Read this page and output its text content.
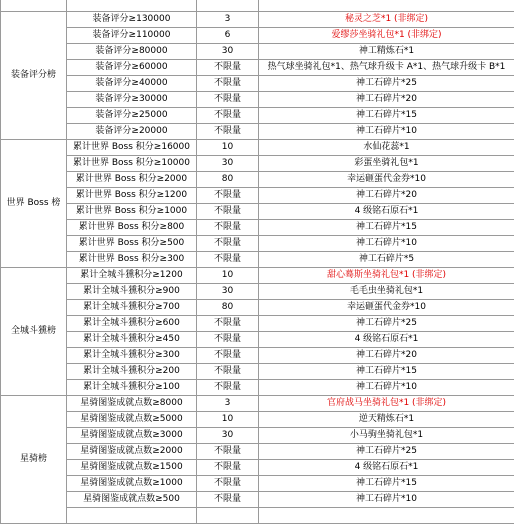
装备评分榜	装备评分≥130000	3	秘灵之芝*1 (非绑定)
	装备评分≥110000	6	爱缪莎坐骑礼包*1 (非绑定)
	装备评分≥80000	30	神工精炼石*1
	装备评分≥60000	不限量	热气球坐骑礼包*1、热气球升级卡 A*1、热气球升级卡 B*1
	装备评分≥40000	不限量	神工石碎片*25
	装备评分≥30000	不限量	神工石碎片*20
	装备评分≥25000	不限量	神工石碎片*15
	装备评分≥20000	不限量	神工石碎片*10
世界 Boss 榜	累计世界 Boss 积分≥16000	10	水仙花蕊*1
	累计世界 Boss 积分≥10000	30	彩蛋坐骑礼包*1
	累计世界 Boss 积分≥2000	80	幸运砸蛋代金券*10
	累计世界 Boss 积分≥1200	不限量	神工石碎片*20
	累计世界 Boss 积分≥1000	不限量	4 级铭石原石*1
	累计世界 Boss 积分≥800	不限量	神工石碎片*15
	累计世界 Boss 积分≥500	不限量	神工石碎片*10
	累计世界 Boss 积分≥300	不限量	神工石碎片*5
全城斗獯榜	累计全城斗獯积分≥1200	10	甜心蓦斯坐骑礼包*1 (非绑定)
	累计全城斗獯积分≥900	30	毛毛虫坐骑礼包*1
	累计全城斗獯积分≥700	80	幸运砸蛋代金券*10
	累计全城斗獯积分≥600	不限量	神工石碎片*25
	累计全城斗獯积分≥450	不限量	4 级铭石原石*1
	累计全城斗獯积分≥300	不限量	神工石碎片*20
	累计全城斗獯积分≥200	不限量	神工石碎片*15
	累计全城斗獯积分≥100	不限量	神工石碎片*10
星骑榜	星骑图鉴成就点数≥8000	3	官府战马坐骑礼包*1 (非绑定)
	星骑图鉴成就点数≥5000	10	逆天精炼石*1
	星骑图鉴成就点数≥3000	30	小马驹坐骑礼包*1
	星骑图鉴成就点数≥2000	不限量	神工石碎片*25
	星骑图鉴成就点数≥1500	不限量	4 级铭石原石*1
	星骑图鉴成就点数≥1000	不限量	神工石碎片*15
	星骑图鉴成就点数≥500	不限量	神工石碎片*10
